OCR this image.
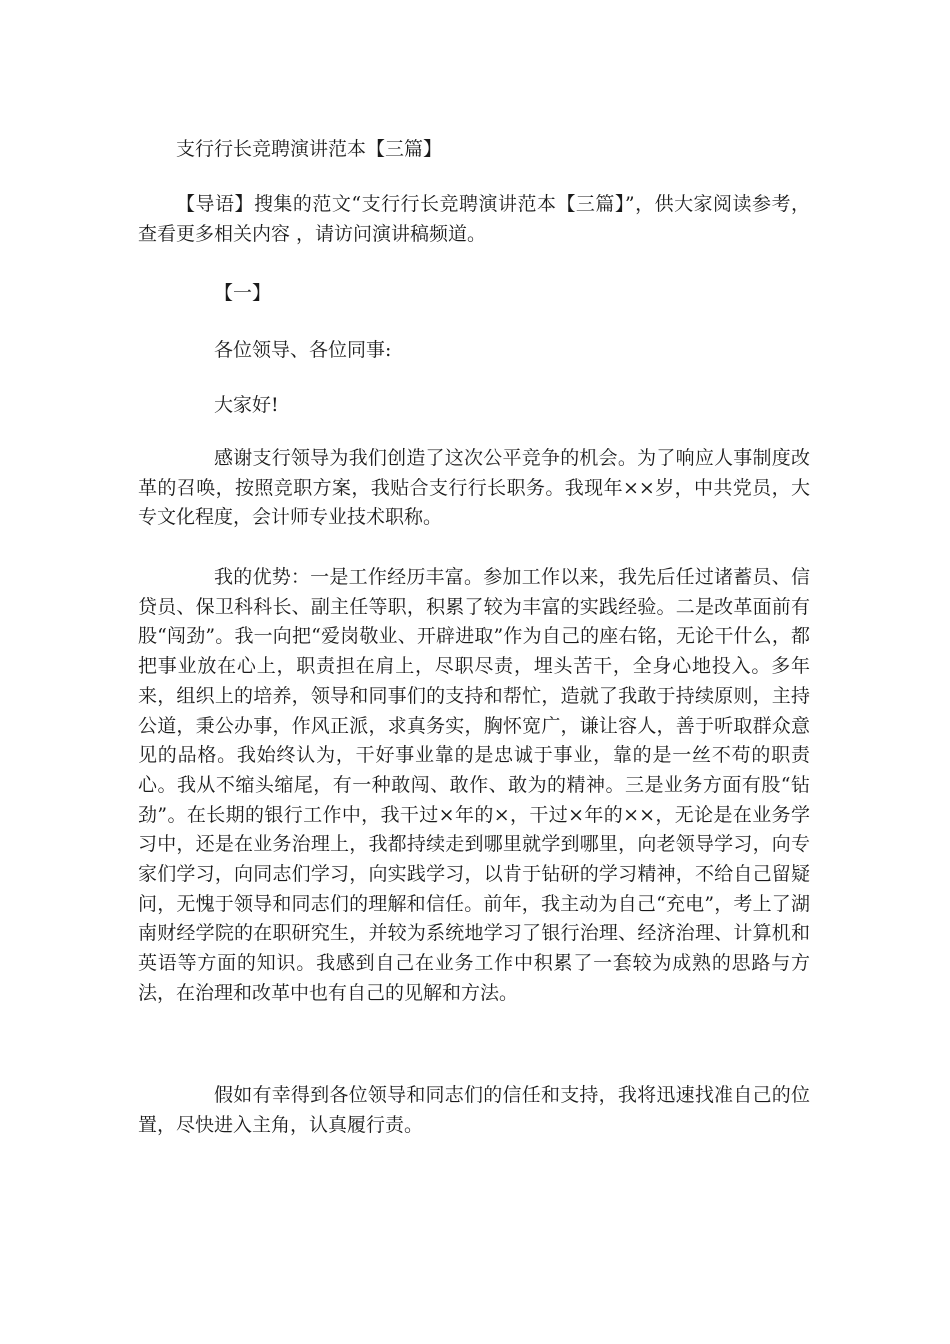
支行行长竞聘演讲范本【三篇】

【导语】搜集的范文“支行行长竞聘演讲范本【三篇】”，供大家阅读参考，查看更多相关内容 ，请访问演讲稿频道。

【一】

各位领导、各位同事:

大家好!

感谢支行领导为我们创造了这次公平竞争的机会。为了响应人事制度改革的召唤，按照竞职方案，我贴合支行行长职务。我现年××岁，中共党员，大专文化程度，会计师专业技术职称。

我的优势：一是工作经历丰富。参加工作以来，我先后任过诸蓄员、信贷员、保卫科科长、副主任等职，积累了较为丰富的实践经验。二是改革面前有股“闯劲”。我一向把“爱岗敬业、开辟进取”作为自己的座右铭，无论干什么，都把事业放在心上，职责担在肩上，尽职尽责，埋头苦干，全身心地投入。多年来，组织上的培养，领导和同事们的支持和帮忙，造就了我敢于持续原则，主持公道，秉公办事，作风正派，求真务实，胸怀宽广，谦让容人，善于听取群众意见的品格。我始终认为，干好事业靠的是忠诚于事业，靠的是一丝不苟的职责心。我从不缩头缩尾，有一种敢闯、敢作、敢为的精神。三是业务方面有股“钻劲”。在长期的银行工作中，我干过×年的×，干过×年的××，无论是在业务学习中，还是在业务治理上，我都持续走到哪里就学到哪里，向老领导学习，向专家们学习，向同志们学习，向实践学习，以肯于钻研的学习精神，不给自己留疑问，无愧于领导和同志们的理解和信任。前年，我主动为自己“充电”，考上了湖南财经学院的在职研究生，并较为系统地学习了银行治理、经济治理、计算机和英语等方面的知识。我感到自己在业务工作中积累了一套较为成熟的思路与方法，在治理和改革中也有自己的见解和方法。

假如有幸得到各位领导和同志们的信任和支持，我将迅速找准自己的位置，尽快进入主角，认真履行责。
